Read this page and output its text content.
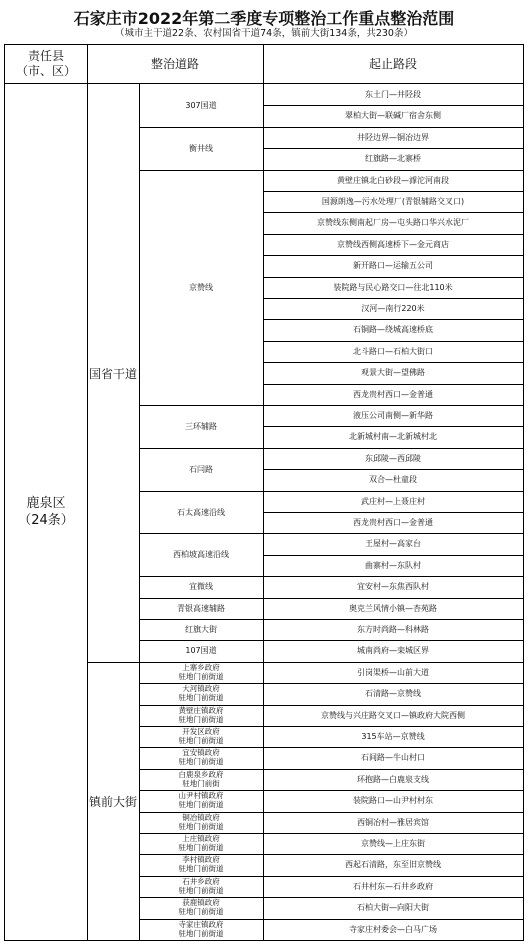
石家庄市2022年第二季度专项整治工作重点整治范围
（城市主干道22条、农村国省干道74条，镇前大街134条，共230条）
责任县
（市、区）
整治道路	起止路段
鹿泉区
（24条）
国省干道
307国道
东土门—井陉段
翠柏大街—联碱厂宿舍东侧
衡井线
井陉边界—铜冶边界
红旗路—北寨桥
京赞线
黄壁庄镇北白砂段—滹沱河南段
国源朗逸—污水处理厂(青银辅路交叉口)
京赞线东侧南起厂房—屯头路口华兴水泥厂
京赞线西侧高速桥下—金元商店
新开路口—运输五公司
装院路与民心路交口—往北110米
汉河—南行220米
石铜路—绕城高速桥底
北斗路口—石柏大街口
观景大街—望佛路
西龙贵村西口—金普通
三环辅路
液压公司南侧—新华路
北新城村南—北新城村北
石闫路
东邱陵—西邱陵
双合—杜童段
石太高速沿线
武庄村—上聂庄村
西龙贵村西口—金普通
西柏坡高速沿线
王屋村—高家台
曲寨村—东队村
宜微线	宜安村—东焦西队村
青银高速辅路	奥克兰风情小镇—杏苑路
红旗大街	东方时尚路—科林路
107国道	城南尚府—栾城区界
镇前大街
上寨乡政府
驻地门前街道	引岗渠桥—山前大道
大河镇政府
驻地门前街道	石清路—京赞线
黄壁庄镇政府
驻地门前街道	京赞线与兴庄路交叉口—镇政府大院西侧
开发区政府
驻地门前街道	315车站—京赞线
宜安镇政府
驻地门前街道	石间路—牛山村口
白鹿泉乡政府
驻地门前街	环抱路—白鹿泉支线
山尹村镇政府
驻地门前街道	装院路口—山尹村村东
铜冶镇政府
驻地门前街道	西铜冶村—雅居宾馆
上庄镇政府
驻地门前街道	京赞线—上庄东街
李村镇政府
驻地门前街道	西起石清路，东至旧京赞线
石井乡政府
驻地门前街道	石井村东—石井乡政府
获鹿镇政府
驻地门前街道	石柏大街—向阳大街
寺家庄镇政府
驻地门前街道	寺家庄村委会—白马广场
